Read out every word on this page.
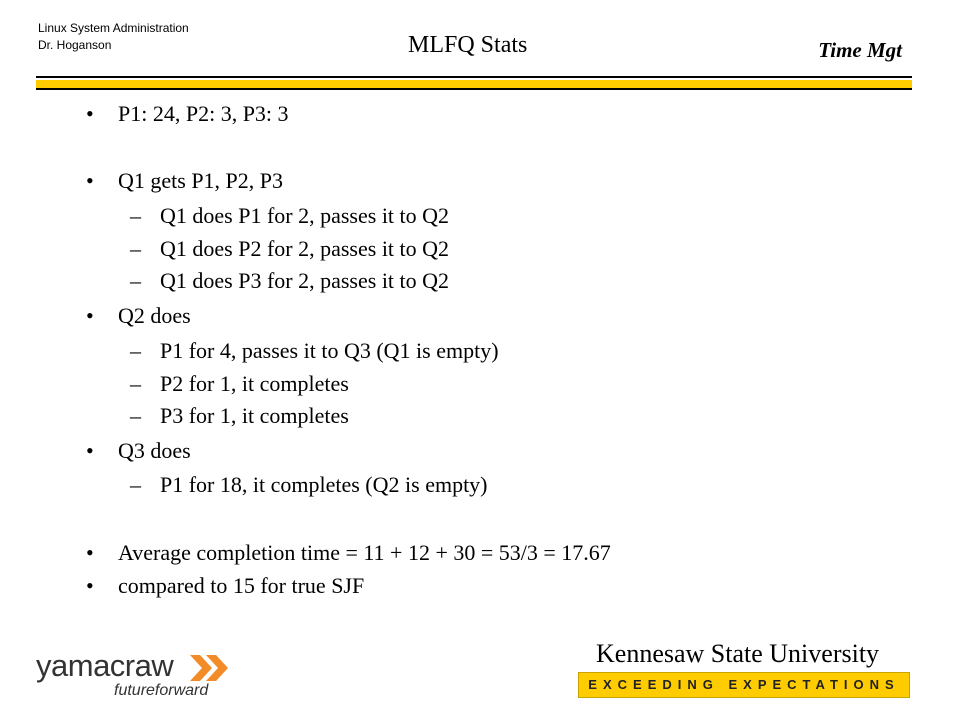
Linux System Administration
Dr. Hoganson	MLFQ Stats	Time Mgt
• P1: 24, P2: 3, P3: 3
• Q1 gets P1, P2, P3
– Q1 does P1 for 2, passes it to Q2
– Q1 does P2 for 2, passes it to Q2
– Q1 does P3 for 2, passes it to Q2
• Q2 does
– P1 for 4, passes it to Q3 (Q1 is empty)
– P2 for 1, it completes
– P3 for 1, it completes
• Q3 does
– P1 for 18, it completes (Q2 is empty)
• Average completion time = 11 + 12 + 30 = 53/3 = 17.67
• compared to 15 for true SJF
yamacraw
futureforward
Kennesaw State University
EXCEEDING EXPECTATIONS
